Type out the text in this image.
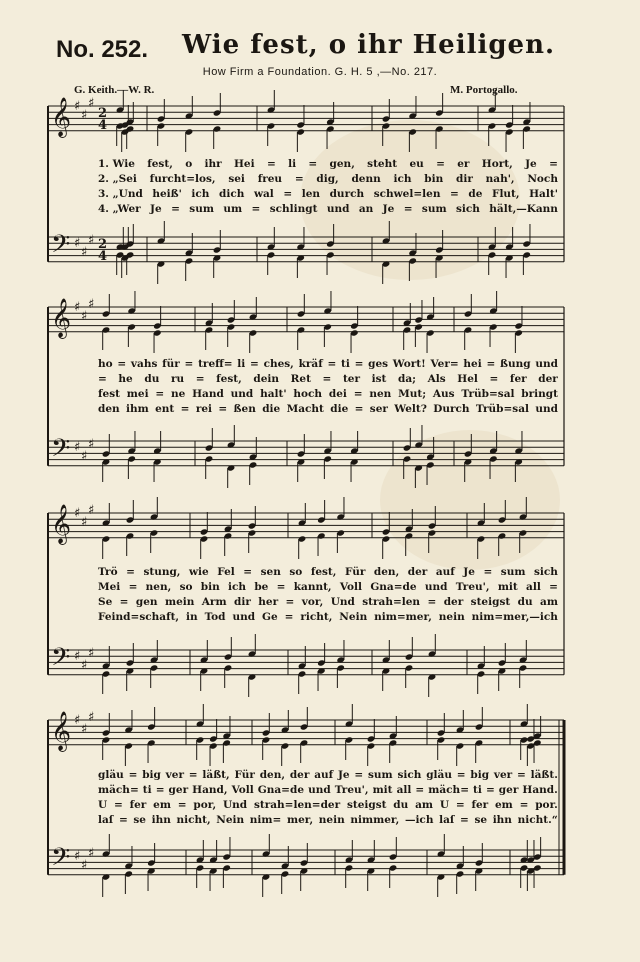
No. 252. Wie fest, o ihr Heiligen.
How Firm a Foundation. G. H. 5 ,—No. 217.
G. Keith.—W. R.	M. Portogallo.
𝄞
𝄢
♯
♯
♯
♯
♯
♯
2
2
4
4
𝄞
𝄢
♯
♯
♯
♯
♯
♯
𝄞
𝄢
♯
♯
♯
♯
♯
♯
𝄞
𝄢
♯
♯
♯
♯
♯
♯
1. Wie fest, o ihr Hei = li = gen, steht eu = er Hort, Je =
2. „Sei furcht=los, sei freu = dig, denn ich bin dir nah', Noch
3. „Und heiß' ich dich wal = len durch schwel=len = de Flut, Halt'
4. „Wer Je = sum um = schlingt und an Je = sum sich hält,—Kann
ho = vahs für = treff= li = ches, kräf = ti = ges Wort! Ver= hei = ßung und
= he du ru = fest, dein Ret = ter ist da; Als Hel = fer der
fest mei = ne Hand und halt' hoch dei = nen Mut; Aus Trüb=sal bringt
den ihm ent = rei = ßen die Macht die = ser Welt? Durch Trüb=sal und
Trö = stung, wie Fel = sen so fest, Für den, der auf Je = sum sich
Mei = nen, so bin ich be = kannt, Voll Gna=de und Treu', mit all =
Se = gen mein Arm dir her = vor, Und strah=len = der steigst du am
Feind=schaft, in Tod und Ge = richt, Nein nim=mer, nein nim=mer,—ich
gläu = big ver = läßt, Für den, der auf Je = sum sich gläu = big ver = läßt.
mäch= ti = ger Hand, Voll Gna=de und Treu', mit all = mäch= ti = ger Hand.
U = fer em = por, Und strah=len=der steigst du am U = fer em = por.
laſ = se ihn nicht, Nein nim= mer, nein nimmer, —ich laſ = se ihn nicht.“
